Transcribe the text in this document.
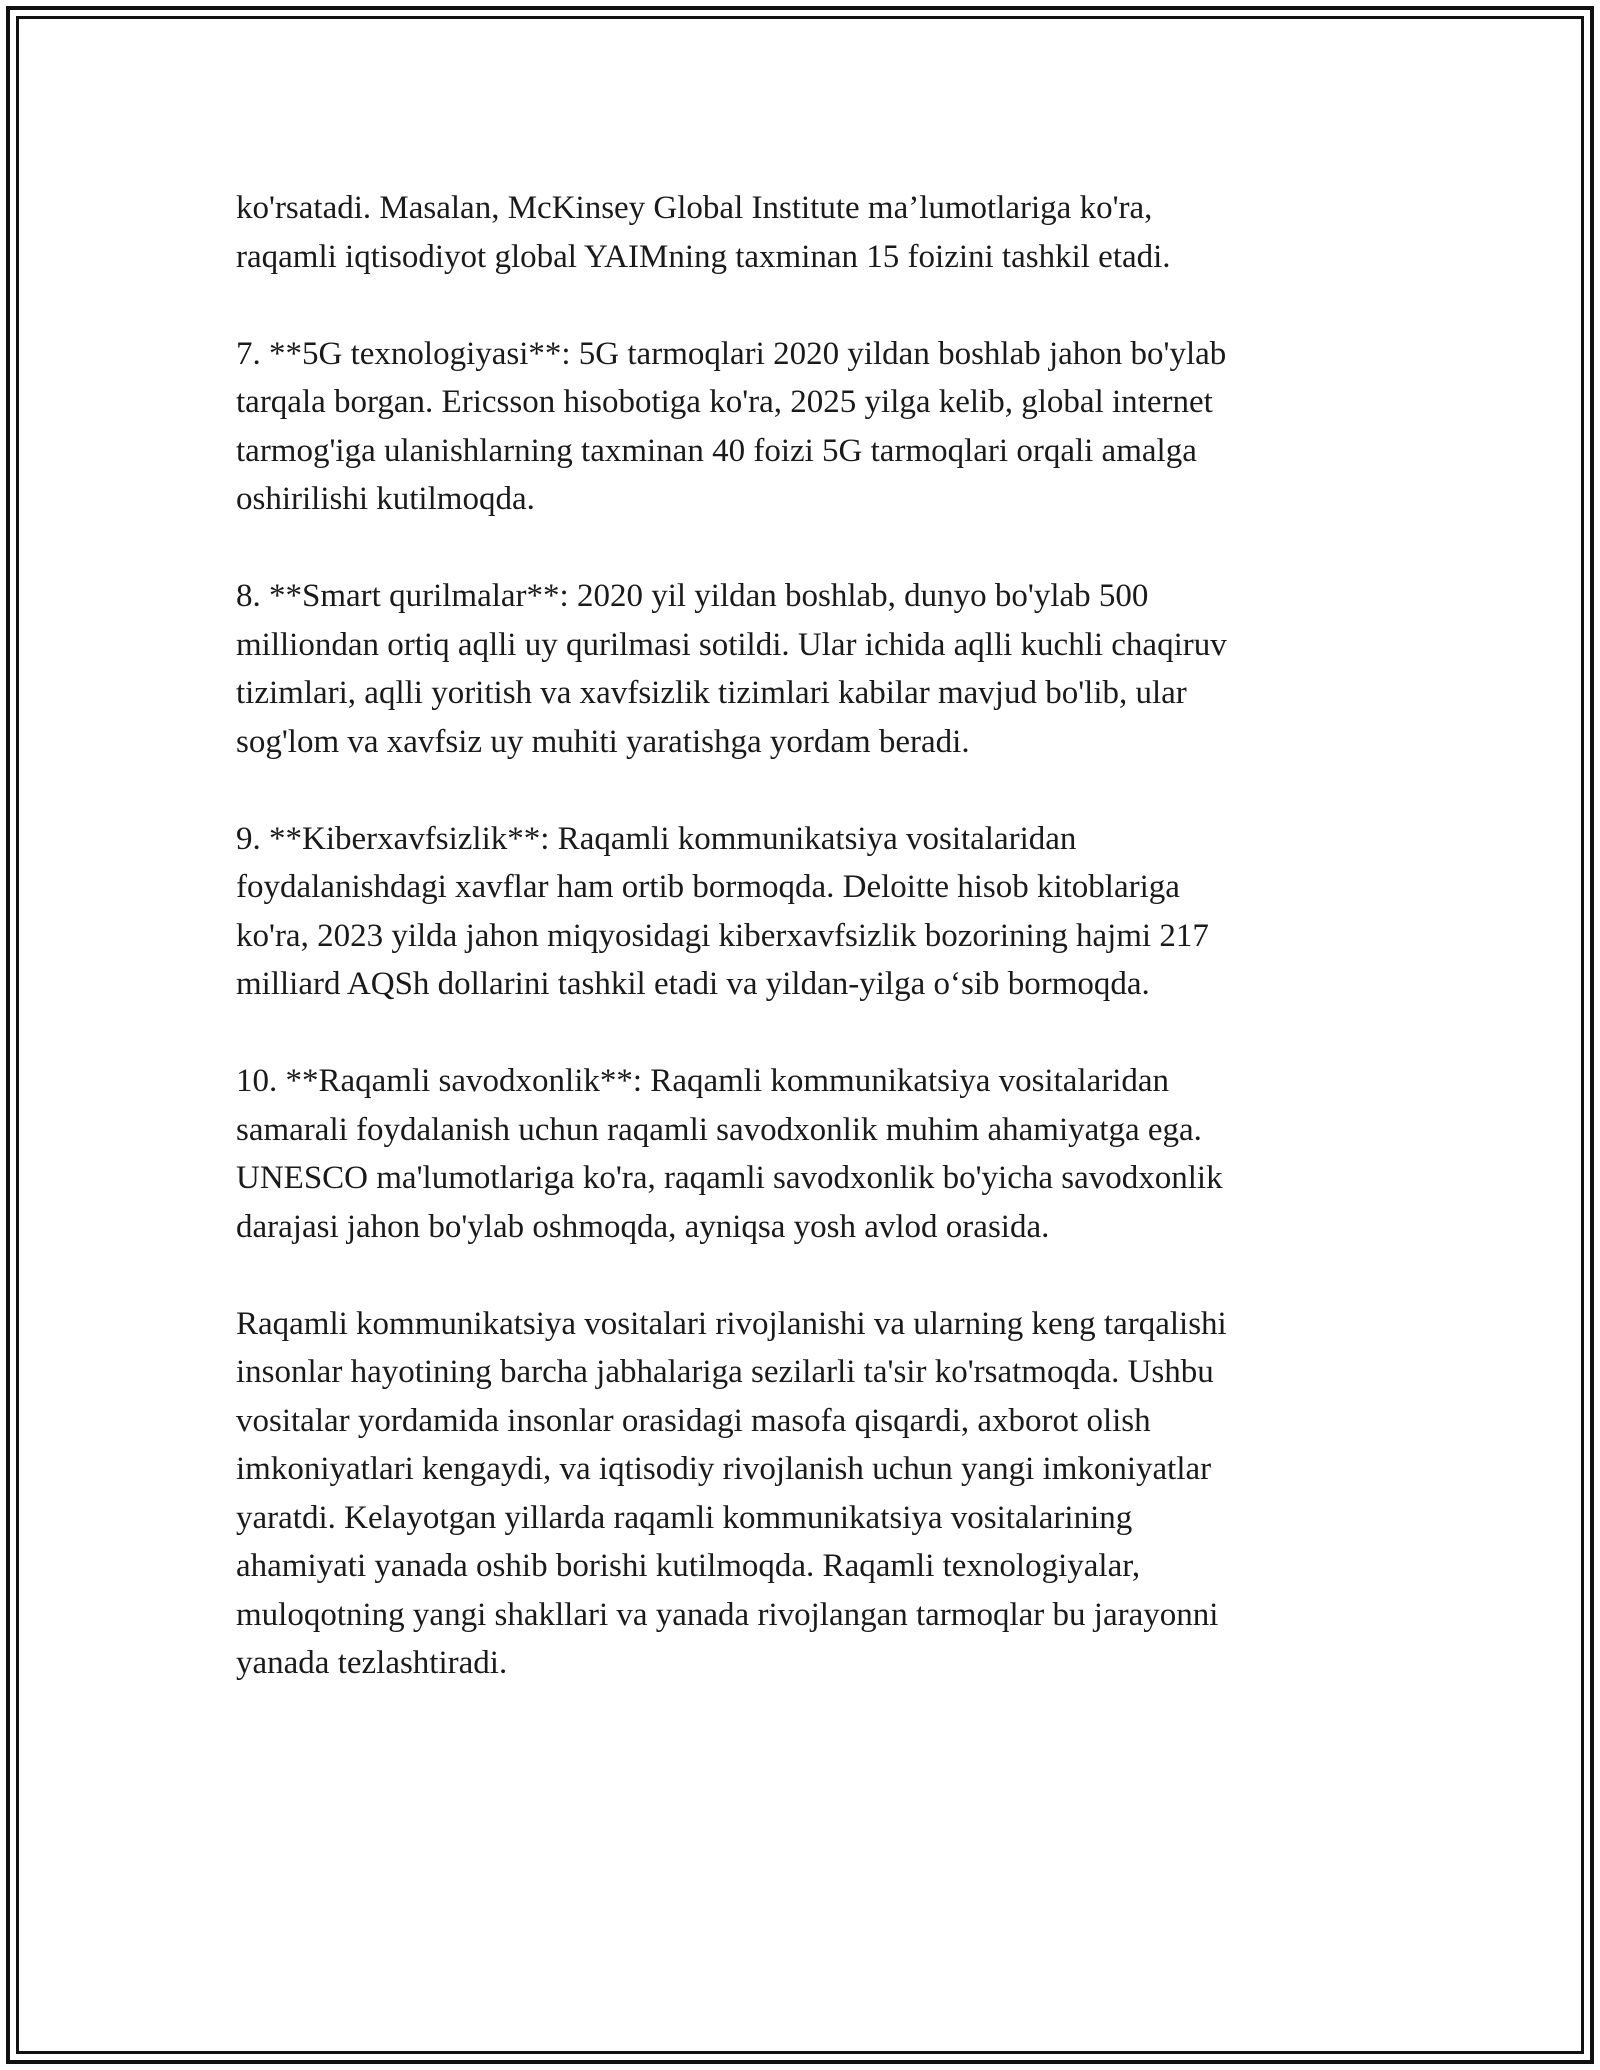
ko'rsatadi. Masalan, McKinsey Global Institute ma’lumotlariga ko'ra,
raqamli iqtisodiyot global YAIMning taxminan 15 foizini tashkil etadi.
7. **5G texnologiyasi**: 5G tarmoqlari 2020 yildan boshlab jahon bo'ylab
tarqala borgan. Ericsson hisobotiga ko'ra, 2025 yilga kelib, global internet
tarmog'iga ulanishlarning taxminan 40 foizi 5G tarmoqlari orqali amalga
oshirilishi kutilmoqda.
8. **Smart qurilmalar**: 2020 yil yildan boshlab, dunyo bo'ylab 500
milliondan ortiq aqlli uy qurilmasi sotildi. Ular ichida aqlli kuchli chaqiruv
tizimlari, aqlli yoritish va xavfsizlik tizimlari kabilar mavjud bo'lib, ular
sog'lom va xavfsiz uy muhiti yaratishga yordam beradi.
9. **Kiberxavfsizlik**: Raqamli kommunikatsiya vositalaridan
foydalanishdagi xavflar ham ortib bormoqda. Deloitte hisob kitoblariga
ko'ra, 2023 yilda jahon miqyosidagi kiberxavfsizlik bozorining hajmi 217
milliard AQSh dollarini tashkil etadi va yildan-yilga oʻsib bormoqda.
10. **Raqamli savodxonlik**: Raqamli kommunikatsiya vositalaridan
samarali foydalanish uchun raqamli savodxonlik muhim ahamiyatga ega.
UNESCO ma'lumotlariga ko'ra, raqamli savodxonlik bo'yicha savodxonlik
darajasi jahon bo'ylab oshmoqda, ayniqsa yosh avlod orasida.
Raqamli kommunikatsiya vositalari rivojlanishi va ularning keng tarqalishi
insonlar hayotining barcha jabhalariga sezilarli ta'sir ko'rsatmoqda. Ushbu
vositalar yordamida insonlar orasidagi masofa qisqardi, axborot olish
imkoniyatlari kengaydi, va iqtisodiy rivojlanish uchun yangi imkoniyatlar
yaratdi. Kelayotgan yillarda raqamli kommunikatsiya vositalarining
ahamiyati yanada oshib borishi kutilmoqda. Raqamli texnologiyalar,
muloqotning yangi shakllari va yanada rivojlangan tarmoqlar bu jarayonni
yanada tezlashtiradi.
